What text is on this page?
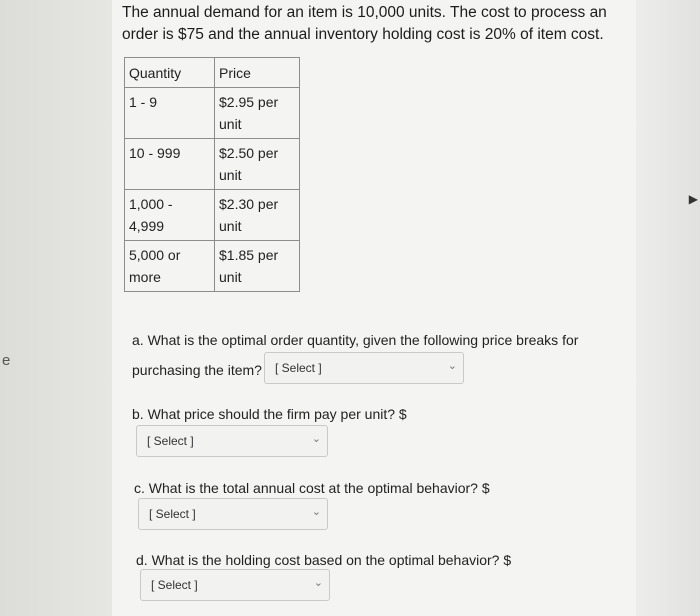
e
▶

The annual demand for an item is 10,000 units. The cost to process an order is $75 and the annual inventory holding cost is 20% of item cost.

Quantity	Price
1 - 9	$2.95 per unit
10 - 999	$2.50 per unit
1,000 - 4,999	$2.30 per unit
5,000 or more	$1.85 per unit
a. What is the optimal order quantity, given the following price breaks for
purchasing the item? [ Select ]	⌄
b. What price should the firm pay per unit? $
[ Select ]	⌄
c. What is the total annual cost at the optimal behavior? $
[ Select ]	⌄
d. What is the holding cost based on the optimal behavior? $
[ Select ]	⌄
